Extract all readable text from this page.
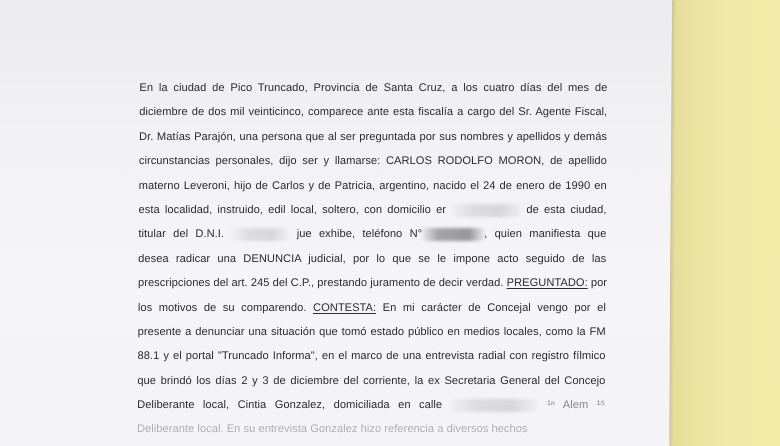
En la ciudad de Pico Truncado, Provincia de Santa Cruz, a los cuatro días del mes de
diciembre de dos mil veinticinco, comparece ante esta fiscalía a cargo del Sr. Agente Fiscal,
Dr. Matías Parajón, una persona que al ser preguntada por sus nombres y apellidos y demás
circunstancias personales, dijo ser y llamarse: CARLOS RODOLFO MORON, de apellido
materno Leveroni, hijo de Carlos y de Patricia, argentino, nacido el 24 de enero de 1990 en
esta localidad, instruido, edil local, soltero, con domicilio er	de esta ciudad,
titular del D.N.I.	jue exhibe, teléfono N°	, quien manifiesta que
desea radicar una DENUNCIA judicial, por lo que se le impone acto seguido de las
prescripciones del art. 245 del C.P., prestando juramento de decir verdad. PREGUNTADO: por
los motivos de su comparendo. CONTESTA: En mi carácter de Concejal vengo por el
presente a denunciar una situación que tomó estado público en medios locales, como la FM
88.1 y el portal "Truncado Informa", en el marco de una entrevista radial con registro fílmico
que brindó los días 2 y 3 de diciembre del corriente, la ex Secretaria General del Concejo
Deliberante local, Cintia Gonzalez, domiciliada en calle	¹ⁿ Alem ¹⁵
Deliberante local. En su entrevista Gonzalez hizo referencia a diversos hechos
